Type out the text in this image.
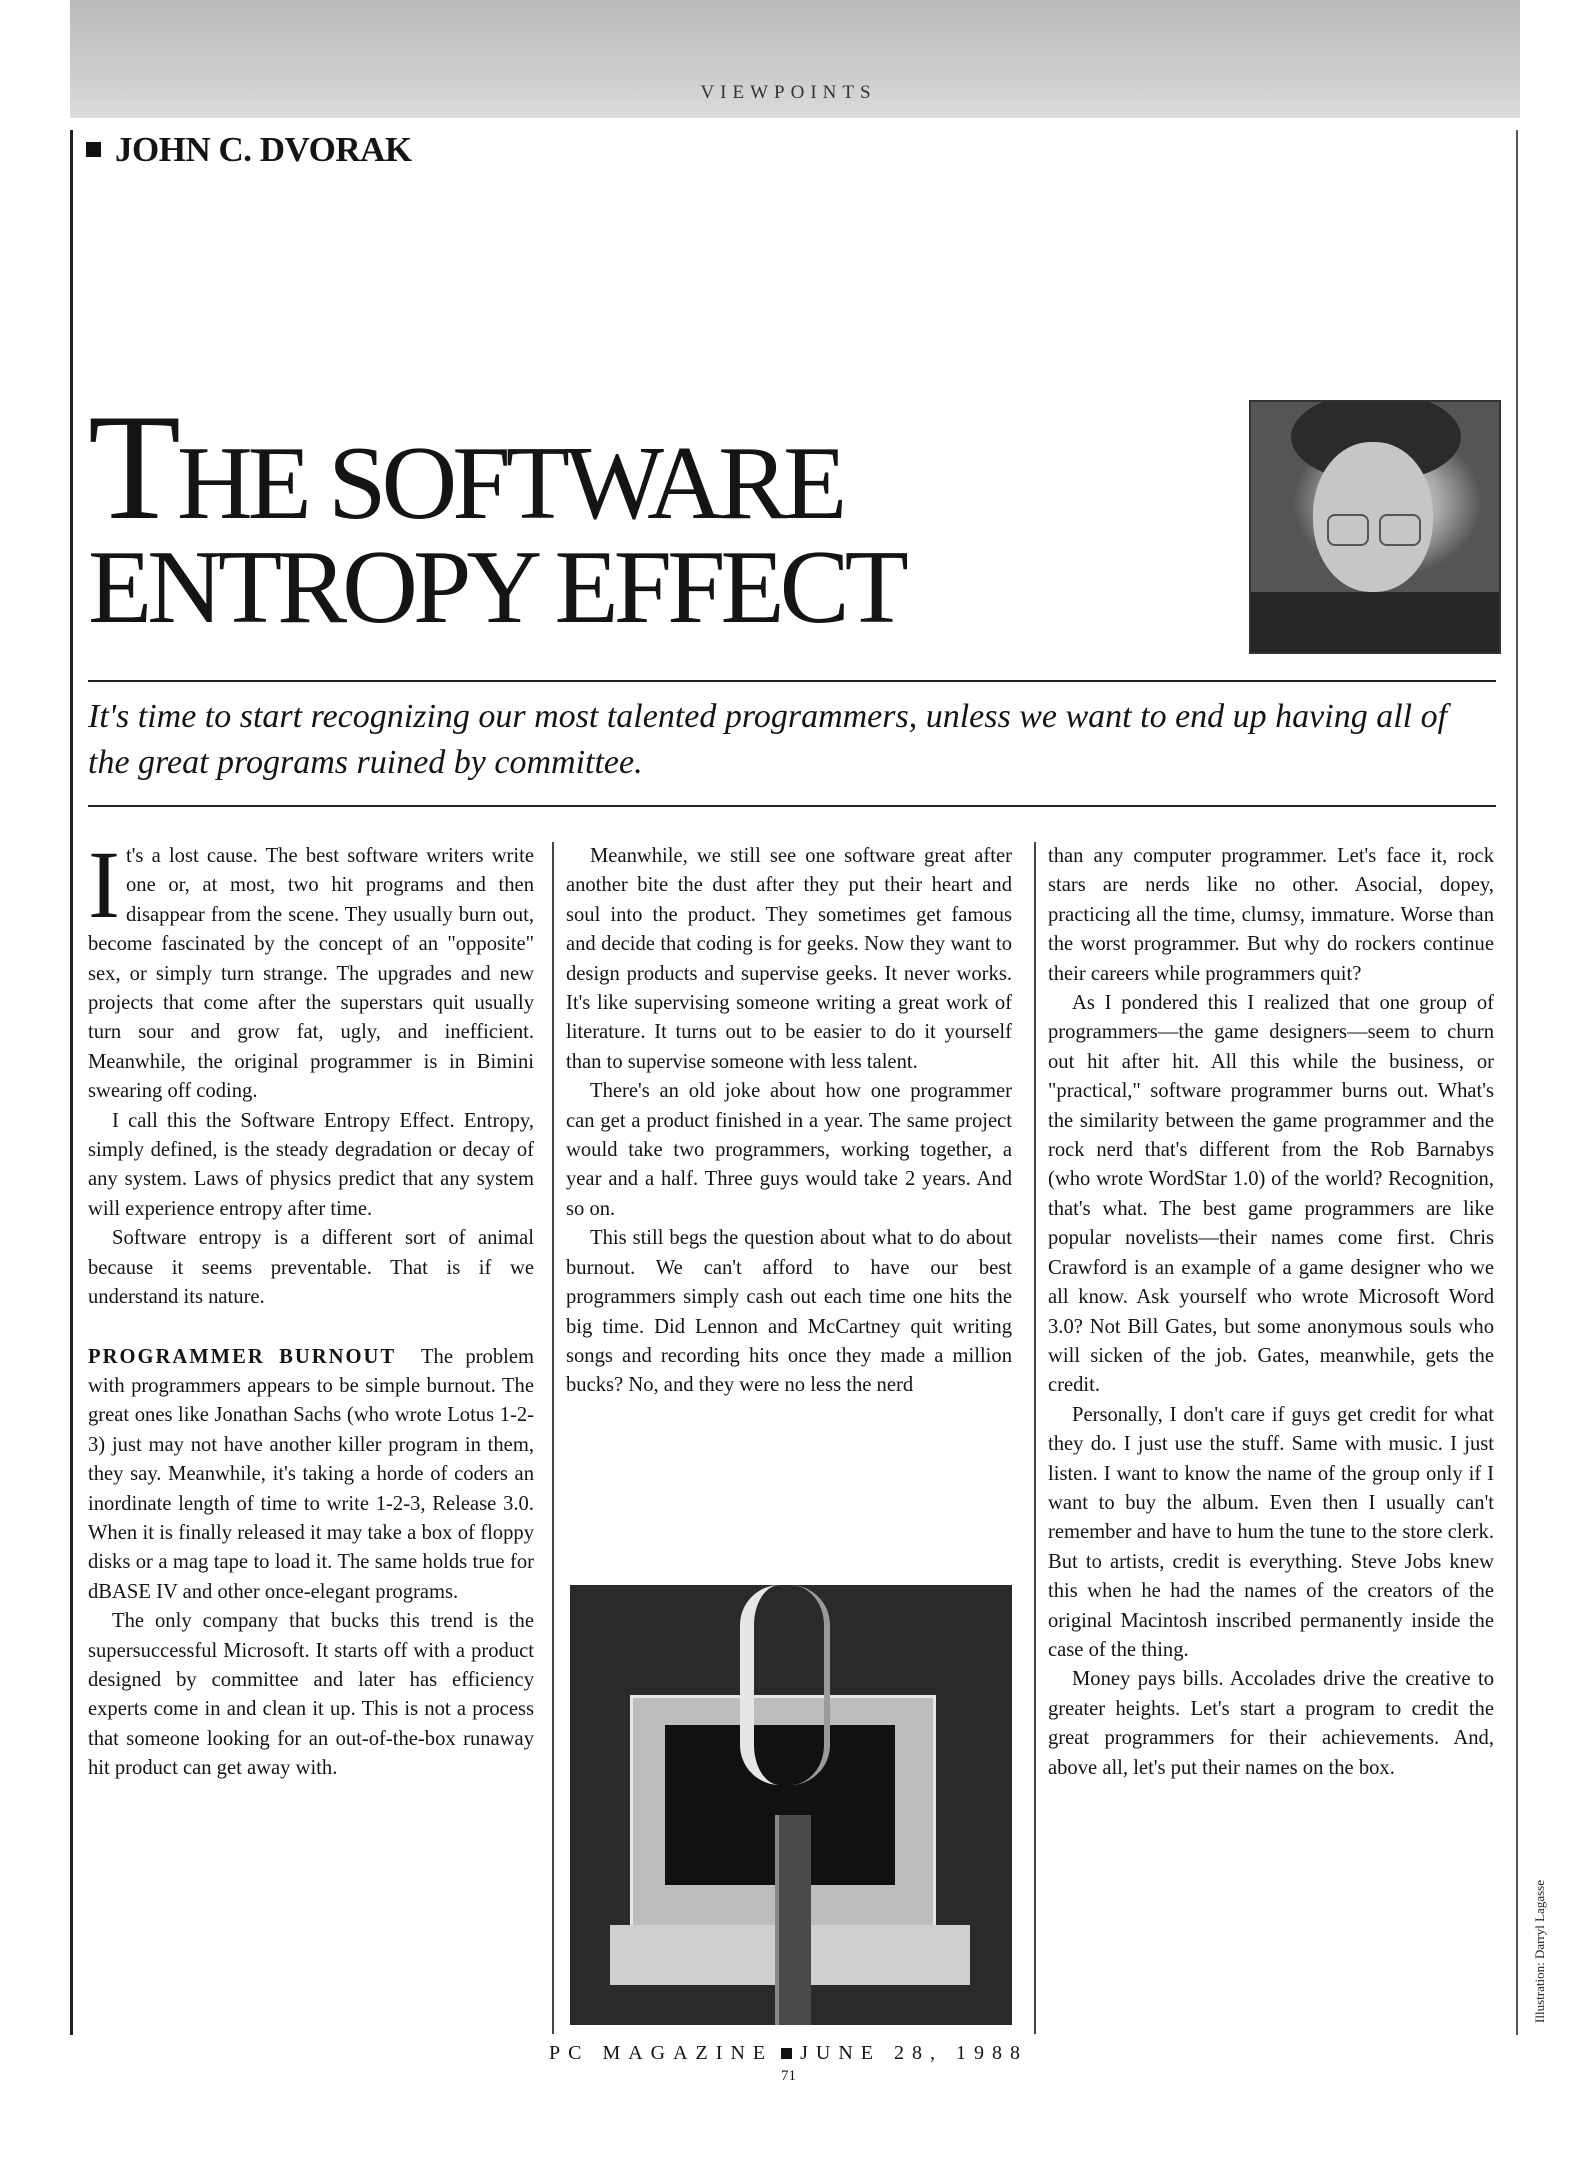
VIEWPOINTS
JOHN C. DVORAK
THE SOFTWARE
ENTROPY EFFECT
It's time to start recognizing our most talented programmers, unless we want to end up having all of the great programs ruined by committee.

It's a lost cause. The best software writers write one or, at most, two hit programs and then disappear from the scene. They usually burn out, become fascinated by the concept of an "opposite" sex, or simply turn strange. The upgrades and new projects that come after the superstars quit usually turn sour and grow fat, ugly, and inefficient. Meanwhile, the original programmer is in Bimini swearing off coding.

I call this the Software Entropy Effect. Entropy, simply defined, is the steady degradation or decay of any system. Laws of physics predict that any system will experience entropy after time.

Software entropy is a different sort of animal because it seems preventable. That is if we understand its nature.

PROGRAMMER BURNOUT The problem with programmers appears to be simple burnout. The great ones like Jonathan Sachs (who wrote Lotus 1-2-3) just may not have another killer program in them, they say. Meanwhile, it's taking a horde of coders an inordinate length of time to write 1-2-3, Release 3.0. When it is finally released it may take a box of floppy disks or a mag tape to load it. The same holds true for dBASE IV and other once-elegant programs.

The only company that bucks this trend is the supersuccessful Microsoft. It starts off with a product designed by committee and later has efficiency experts come in and clean it up. This is not a process that someone looking for an out-of-the-box runaway hit product can get away with.

Meanwhile, we still see one software great after another bite the dust after they put their heart and soul into the product. They sometimes get famous and decide that coding is for geeks. Now they want to design products and supervise geeks. It never works. It's like supervising someone writing a great work of literature. It turns out to be easier to do it yourself than to supervise someone with less talent.

There's an old joke about how one programmer can get a product finished in a year. The same project would take two programmers, working together, a year and a half. Three guys would take 2 years. And so on.

This still begs the question about what to do about burnout. We can't afford to have our best programmers simply cash out each time one hits the big time. Did Lennon and McCartney quit writing songs and recording hits once they made a million bucks? No, and they were no less the nerd

than any computer programmer. Let's face it, rock stars are nerds like no other. Asocial, dopey, practicing all the time, clumsy, immature. Worse than the worst programmer. But why do rockers continue their careers while programmers quit?

As I pondered this I realized that one group of programmers—the game designers—seem to churn out hit after hit. All this while the business, or "practical," software programmer burns out. What's the similarity between the game programmer and the rock nerd that's different from the Rob Barnabys (who wrote WordStar 1.0) of the world? Recognition, that's what. The best game programmers are like popular novelists—their names come first. Chris Crawford is an example of a game designer who we all know. Ask yourself who wrote Microsoft Word 3.0? Not Bill Gates, but some anonymous souls who will sicken of the job. Gates, meanwhile, gets the credit.

Personally, I don't care if guys get credit for what they do. I just use the stuff. Same with music. I just listen. I want to know the name of the group only if I want to buy the album. Even then I usually can't remember and have to hum the tune to the store clerk. But to artists, credit is everything. Steve Jobs knew this when he had the names of the creators of the original Macintosh inscribed permanently inside the case of the thing.

Money pays bills. Accolades drive the creative to greater heights. Let's start a program to credit the great programmers for their achievements. And, above all, let's put their names on the box.

Illustration: Darryl Lagasse
PC MAGAZINE JUNE 28, 1988
71
